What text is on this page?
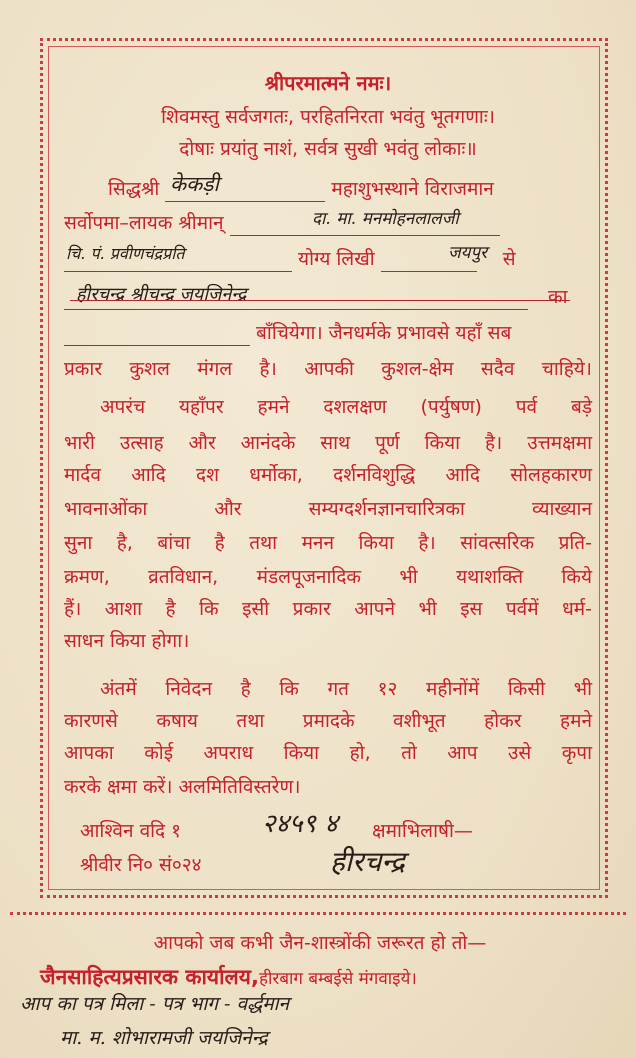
श्रीपरमात्मने नमः।
शिवमस्तु सर्वजगतः, परहितनिरता भवंतु भूतगणाः।
दोषाः प्रयांतु नाशं, सर्वत्र सुखी भवंतु लोकाः॥
सिद्धश्री	महाशुभस्थाने विराजमान
केकड़ी
सर्वोपमा–लायक श्रीमान्	दा. मा. मनमोहनलालजी
योग्य लिखी	से
चि. पं. प्रवीणचंद्रप्रति	जयपुर
का
हीरचन्द्र श्रीचन्द्र जयजिनेन्द्र
बाँचियेगा। जैनधर्मके प्रभावसे यहाँ सब
प्रकार कुशल मंगल है। आपकी कुशल-क्षेम सदैव चाहिये।
अपरंच यहाँपर हमने दशलक्षण (पर्युषण) पर्व बड़े
भारी उत्साह और आनंदके साथ पूर्ण किया है। उत्तमक्षमा
मार्दव आदि दश धर्मोका, दर्शनविशुद्धि आदि सोलहकारण
भावनाओंका और सम्यग्दर्शनज्ञानचारित्रका व्याख्यान
सुना है, बांचा है तथा मनन किया है। सांवत्सरिक प्रति-
क्रमण, व्रतविधान, मंडलपूजनादिक भी यथाशक्ति किये
हैं। आशा है कि इसी प्रकार आपने भी इस पर्वमें धर्म-
साधन किया होगा।
अंतमें निवेदन है कि गत १२ महीनोंमें किसी भी
कारणसे कषाय तथा प्रमादके वशीभूत होकर हमने
आपका कोई अपराध किया हो, तो आप उसे कृपा
करके क्षमा करें। अलमितिविस्तरेण।
आश्विन वदि १
श्रीवीर नि० सं०२४
२४५९ ४ क्षमाभिलाषी—
हीरचन्द्र
आपको जब कभी जैन-शास्त्रोंकी जरूरत हो तो—
जैनसाहित्यप्रसारक कार्यालय,हीरबाग बम्बईसे मंगवाइये।
आप का पत्र मिला - पत्र भाग - वर्द्धमान
मा. म. शोभारामजी जयजिनेन्द्र
